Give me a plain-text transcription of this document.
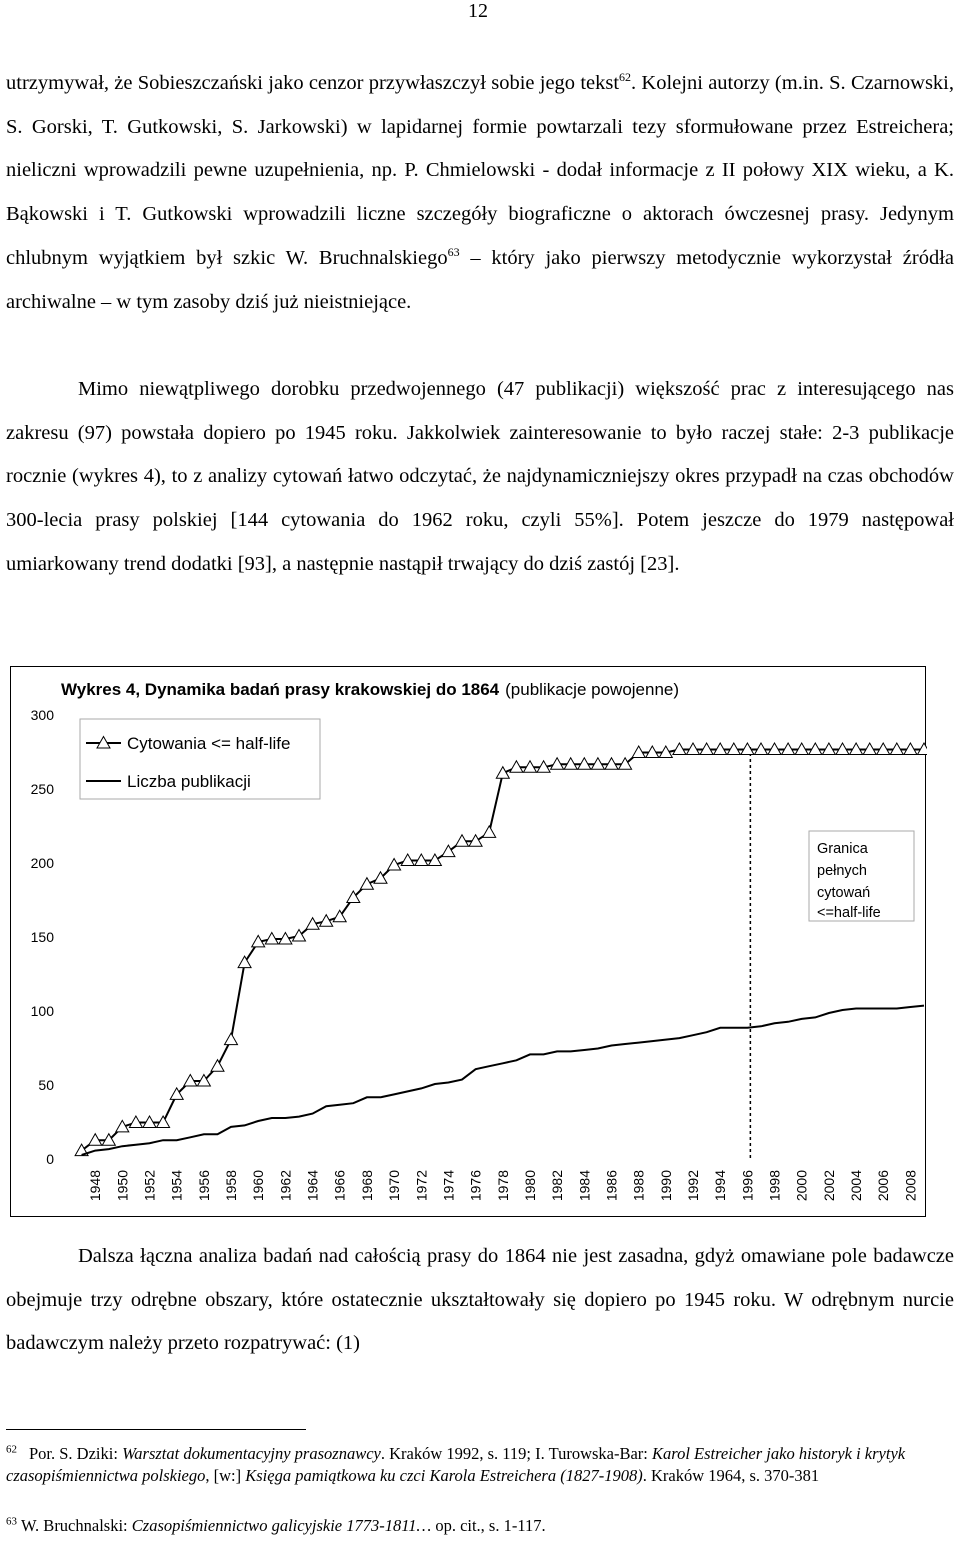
12
utrzymywał, że Sobieszczański jako cenzor przywłaszczył sobie jego tekst$^{62}$. Kolejni autorzy (m.in. S. Czarnowski, S. Gorski, T. Gutkowski, S. Jarkowski) w lapidarnej formie powtarzali tezy sformułowane przez Estreichera; nieliczni wprowadzili pewne uzupełnienia, np. P. Chmielowski - dodał informacje z II połowy XIX wieku, a K. Bąkowski i T. Gutkowski wprowadzili liczne szczegóły biograficzne o aktorach ówczesnej prasy. Jedynym chlubnym wyjątkiem był szkic W. Bruchnalskiego$^{63}$ – który jako pierwszy metodycznie wykorzystał źródła archiwalne – w tym zasoby dziś już nieistniejące.
Mimo niewątpliwego dorobku przedwojennego (47 publikacji) większość prac z interesującego nas zakresu (97) powstała dopiero po 1945 roku. Jakkolwiek zainteresowanie to było raczej stałe: 2-3 publikacje rocznie (wykres 4), to z analizy cytowań łatwo odczytać, że najdynamiczniejszy okres przypadł na czas obchodów 300-lecia prasy polskiej [144 cytowania do 1962 roku, czyli 55%]. Potem jeszcze do 1979 następował umiarkowany trend dodatki [93], a następnie nastąpił trwający do dziś zastój [23].
0
50
100
150
200
250
300
1948 1950 1952 1954 1956 1958 1960 1962 1964 1966 1968 1970 1972 1974 1976 1978 1980 1982 1984 1986 1988 1990 1992 1994 1996 1998 2000 2002 2004 2006 2008
Wykres 4, Dynamika badań prasy krakowskiej do 1864 (publikacje powojenne)
Cytowania <= half-life
Liczba publikacji
Granica
pełnych
cytowań
<=half-life
Dalsza łączna analiza badań nad całością prasy do 1864 nie jest zasadna, gdyż omawiane pole badawcze obejmuje trzy odrębne obszary, które ostatecznie ukształtowały się dopiero po 1945 roku. W odrębnym nurcie badawczym należy przeto rozpatrywać: (1)
$^{62}$ Por. S. Dziki: Warsztat dokumentacyjny prasoznawcy. Kraków 1992, s. 119; I. Turowska-Bar: Karol Estreicher jako historyk i krytyk czasopiśmiennictwa polskiego, [w:] Księga pamiątkowa ku czci Karola Estreichera (1827-1908). Kraków 1964, s. 370-381
$^{63}$ W. Bruchnalski: Czasopiśmiennictwo galicyjskie 1773-1811… op. cit., s. 1-117.
